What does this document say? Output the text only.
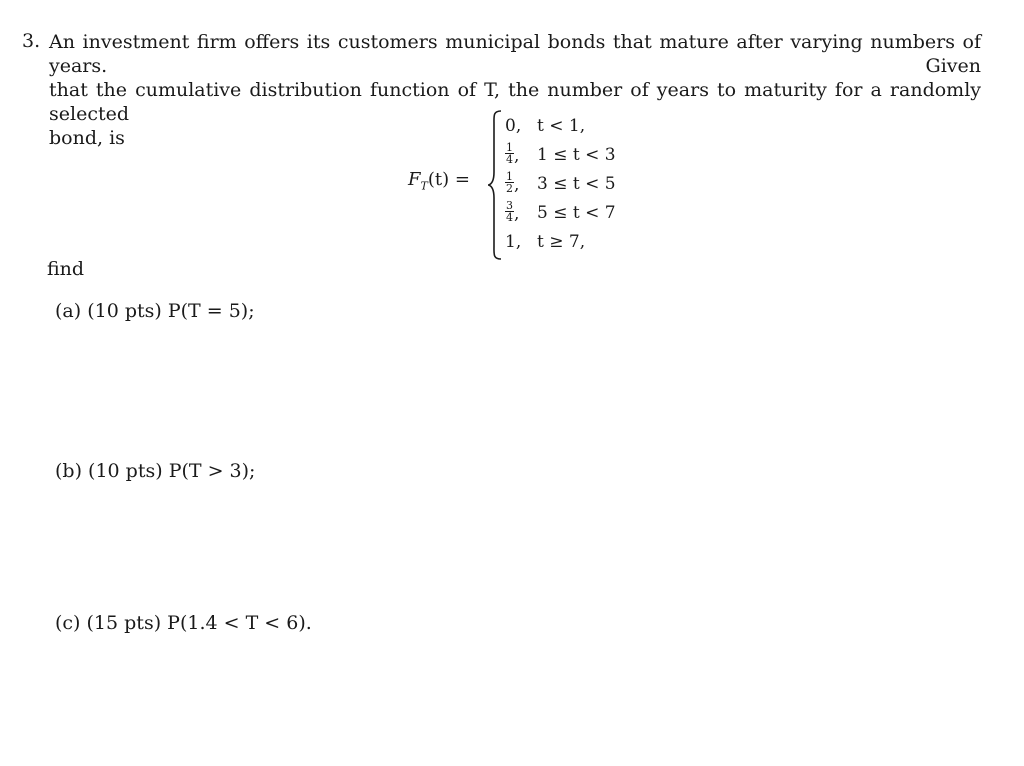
3. An investment firm offers its customers municipal bonds that mature after varying numbers of years. Given
that the cumulative distribution function of T, the number of years to maturity for a randomly selected
bond, is
$F_T(t)$ =
0, t < 1,
$\frac{1}{4}$ , 1 ≤ t < 3
$\frac{1}{2}$ , 3 ≤ t < 5
$\frac{3}{4}$ , 5 ≤ t < 7
1, t ≥ 7,
find
(a) (10 pts) P(T = 5);
(b) (10 pts) P(T > 3);
(c) (15 pts) P(1.4 < T < 6).
